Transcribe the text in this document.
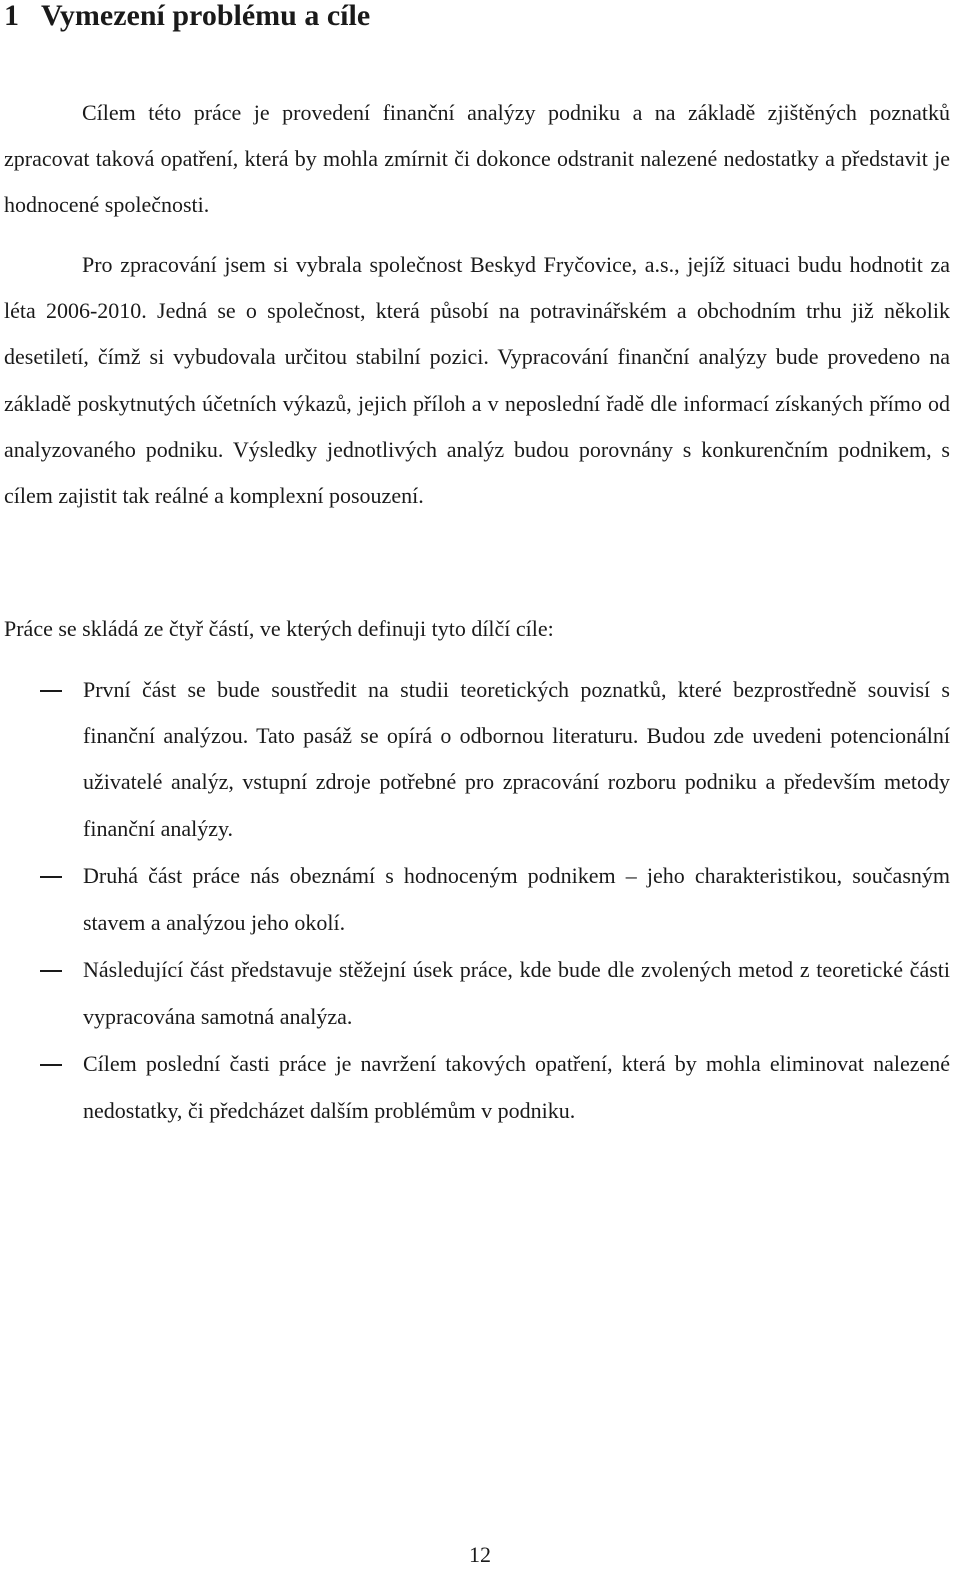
1 Vymezení problému a cíle

Cílem této práce je provedení finanční analýzy podniku a na základě zjištěných poznatků zpracovat taková opatření, která by mohla zmírnit či dokonce odstranit nalezené nedostatky a představit je hodnocené společnosti.

Pro zpracování jsem si vybrala společnost Beskyd Fryčovice, a.s., jejíž situaci budu hodnotit za léta 2006-2010. Jedná se o společnost, která působí na potravinářském a obchodním trhu již několik desetiletí, čímž si vybudovala určitou stabilní pozici. Vypracování finanční analýzy bude provedeno na základě poskytnutých účetních výkazů, jejich příloh a v neposlední řadě dle informací získaných přímo od analyzovaného podniku. Výsledky jednotlivých analýz budou porovnány s konkurenčním podnikem, s cílem zajistit tak reálné a komplexní posouzení.

Práce se skládá ze čtyř částí, ve kterých definuji tyto dílčí cíle:

První část se bude soustředit na studii teoretických poznatků, které bezprostředně souvisí s finanční analýzou. Tato pasáž se opírá o odbornou literaturu. Budou zde uvedeni potencionální uživatelé analýz, vstupní zdroje potřebné pro zpracování rozboru podniku a především metody finanční analýzy.
Druhá část práce nás obeznámí s hodnoceným podnikem – jeho charakteristikou, současným stavem a analýzou jeho okolí.
Následující část představuje stěžejní úsek práce, kde bude dle zvolených metod z teoretické části vypracována samotná analýza.
Cílem poslední časti práce je navržení takových opatření, která by mohla eliminovat nalezené nedostatky, či předcházet dalším problémům v podniku.
12
